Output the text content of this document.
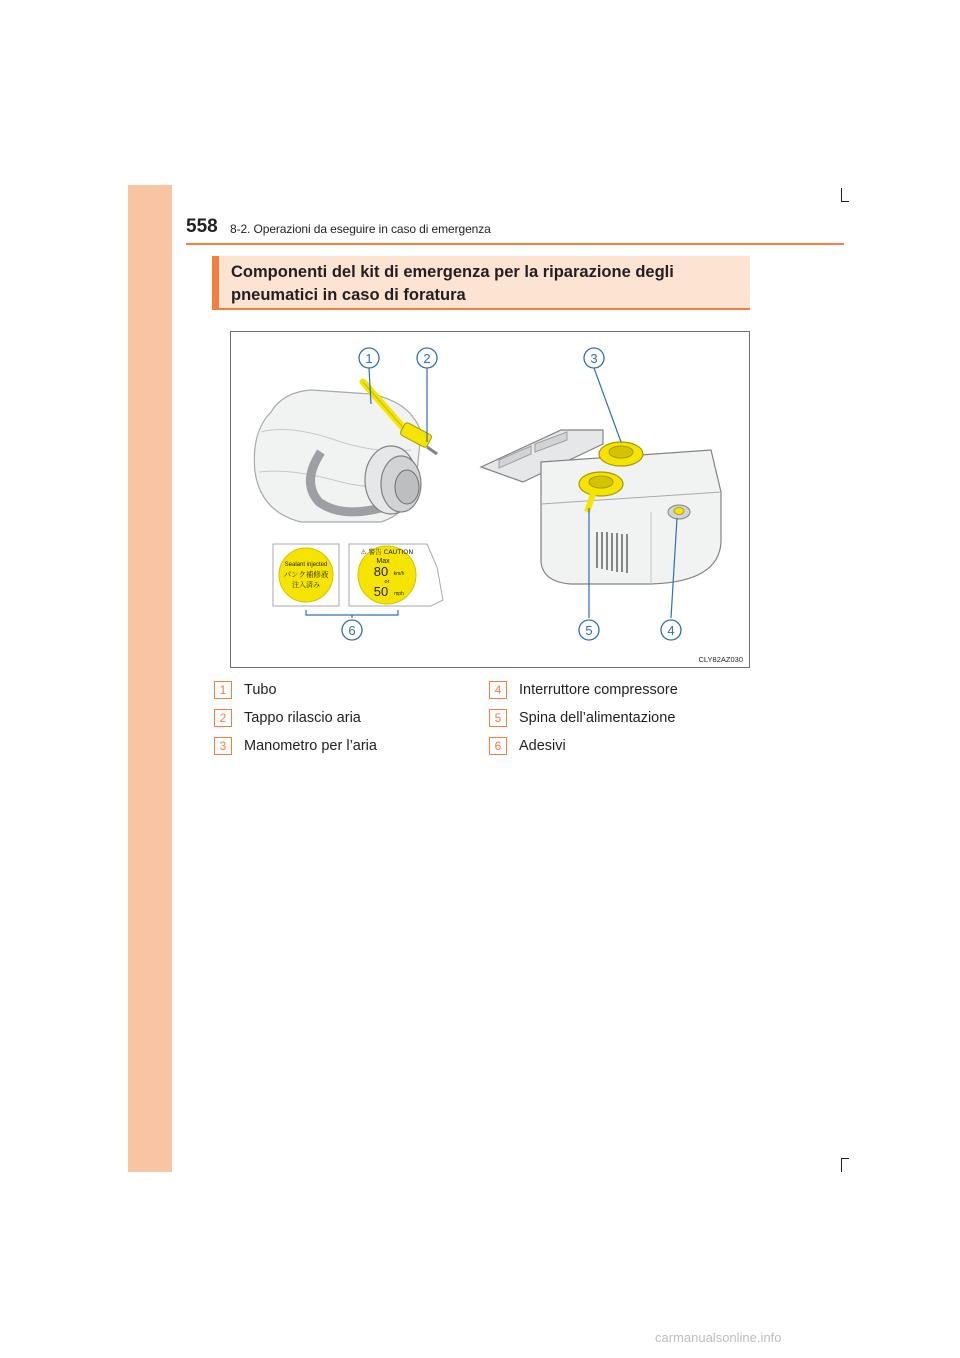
558 8-2. Operazioni da eseguire in caso di emergenza
Componenti del kit di emergenza per la riparazione degli pneumatici in caso di foratura
Sealant injected
パンク補修液
注入済み
⚠ 警告 CAUTION
Max
80 km/h
or
50 mph
1	2	3
4
5
6
CLY82AZ030
1	Tubo
2	Tappo rilascio aria
3	Manometro per l’aria
4	Interruttore compressore
5	Spina dell’alimentazione
6	Adesivi
carmanualsonline.info
